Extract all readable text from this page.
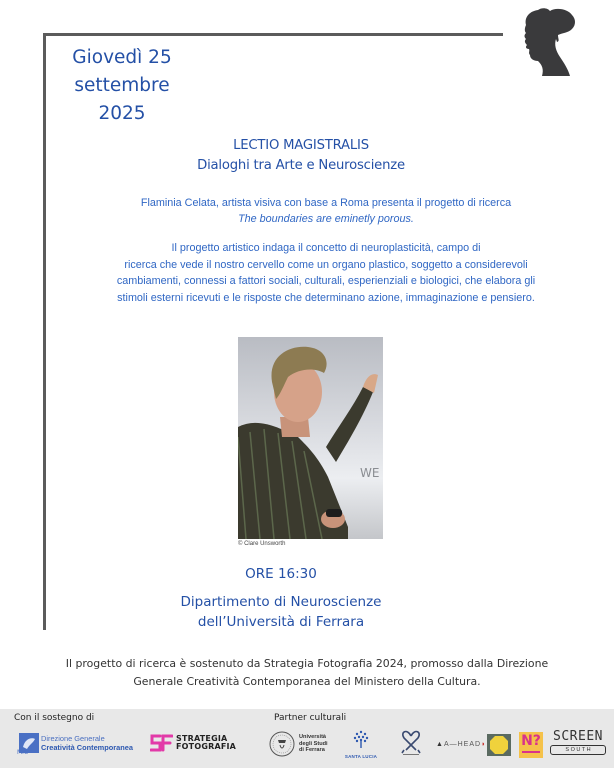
Giovedì 25
settembre
2025
LECTIO MAGISTRALIS
Dialoghi tra Arte e Neuroscienze
Flaminia Celata, artista visiva con base a Roma presenta il progetto di ricerca
The boundaries are eminetly porous.
Il progetto artistico indaga il concetto di neuroplasticità, campo di
ricerca che vede il nostro cervello come un organo plastico, soggetto a considerevoli
cambiamenti, connessi a fattori sociali, culturali, esperienziali e biologici, che elabora gli
stimoli esterni ricevuti e le risposte che determinano azione, immaginazione e pensiero.
WE
© Clare Unsworth
ORE 16:30
Dipartimento di Neuroscienze
dell’Università di Ferrara
Il progetto di ricerca è sostenuto da Strategia Fotografia 2024, promosso dalla Direzione
Generale Creatività Contemporanea del Ministero della Cultura.
Con il sostegno di	Partner culturali
MiC
Direzione Generale
Creatività Contemporanea
STRATEGIA
FOTOGRAFIA
Università
degli Studi
di Ferrara
SANTA LUCIA
▲A—HEAD◗ N? SCREEN
S O U T H
